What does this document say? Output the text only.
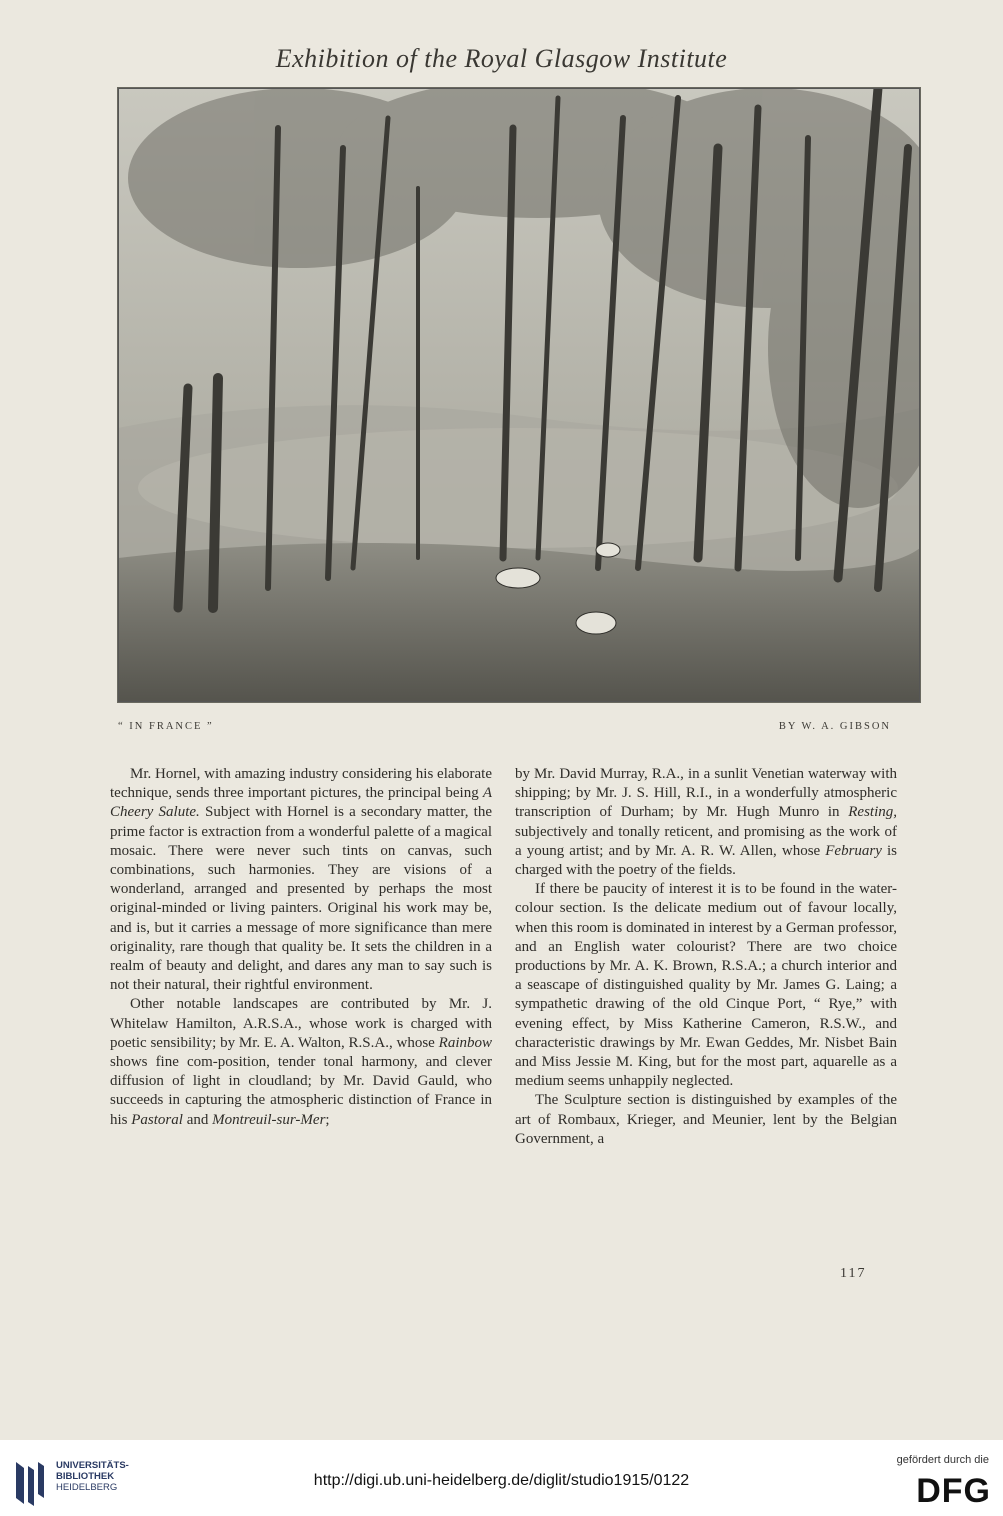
Exhibition of the Royal Glasgow Institute
“ IN FRANCE ”	BY W. A. GIBSON

Mr. Hornel, with amazing industry considering his elaborate technique, sends three important pictures, the principal being A Cheery Salute. Subject with Hornel is a secondary matter, the prime factor is extraction from a wonderful palette of a magical mosaic. There were never such tints on canvas, such combinations, such harmonies. They are visions of a wonderland, arranged and presented by perhaps the most original-minded or living painters. Original his work may be, and is, but it carries a message of more significance than mere originality, rare though that quality be. It sets the children in a realm of beauty and delight, and dares any man to say such is not their natural, their rightful environment.

Other notable landscapes are contributed by Mr. J. Whitelaw Hamilton, A.R.S.A., whose work is charged with poetic sensibility; by Mr. E. A. Walton, R.S.A., whose Rainbow shows fine com-position, tender tonal harmony, and clever diffusion of light in cloudland; by Mr. David Gauld, who succeeds in capturing the atmospheric distinction of France in his Pastoral and Montreuil-sur-Mer;

by Mr. David Murray, R.A., in a sunlit Venetian waterway with shipping; by Mr. J. S. Hill, R.I., in a wonderfully atmospheric transcription of Durham; by Mr. Hugh Munro in Resting, subjectively and tonally reticent, and promising as the work of a young artist; and by Mr. A. R. W. Allen, whose February is charged with the poetry of the fields.

If there be paucity of interest it is to be found in the water-colour section. Is the delicate medium out of favour locally, when this room is dominated in interest by a German professor, and an English water colourist? There are two choice productions by Mr. A. K. Brown, R.S.A.; a church interior and a seascape of distinguished quality by Mr. James G. Laing; a sympathetic drawing of the old Cinque Port, “ Rye,” with evening effect, by Miss Katherine Cameron, R.S.W., and characteristic drawings by Mr. Ewan Geddes, Mr. Nisbet Bain and Miss Jessie M. King, but for the most part, aquarelle as a medium seems unhappily neglected.

The Sculpture section is distinguished by examples of the art of Rombaux, Krieger, and Meunier, lent by the Belgian Government, a

117
UNIVERSITÄTS-
BIBLIOTHEK
HEIDELBERG	http://digi.ub.uni-heidelberg.de/diglit/studio1915/0122
gefördert durch die
DFG
